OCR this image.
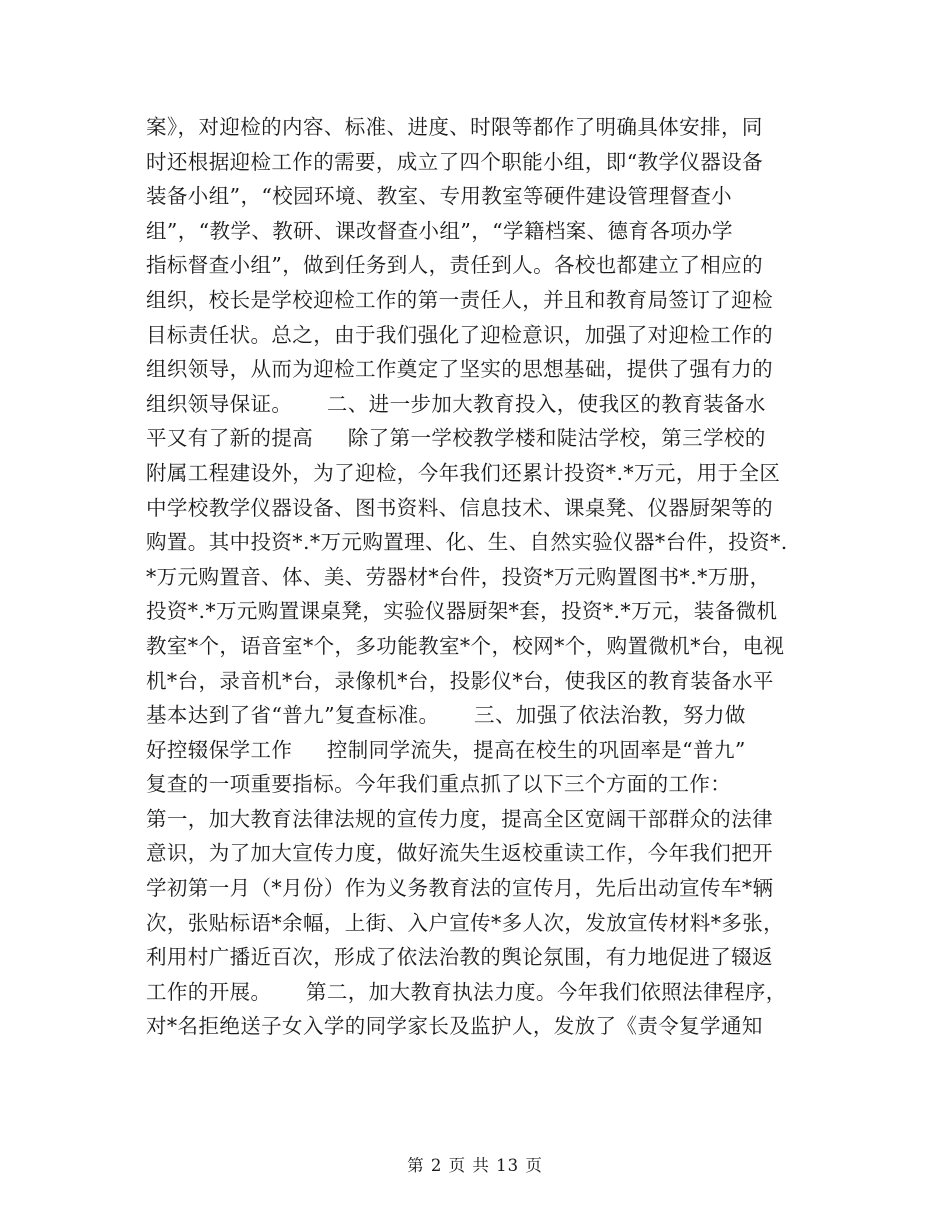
案》，对迎检的内容、标准、进度、时限等都作了明确具体安排，同
时还根据迎检工作的需要，成立了四个职能小组，即“教学仪器设备
装备小组”，“校园环境、教室、专用教室等硬件建设管理督查小
组”，“教学、教研、课改督查小组”，“学籍档案、德育各项办学
指标督查小组”，做到任务到人，责任到人。各校也都建立了相应的
组织，校长是学校迎检工作的第一责任人，并且和教育局签订了迎检
目标责任状。总之，由于我们强化了迎检意识，加强了对迎检工作的
组织领导，从而为迎检工作奠定了坚实的思想基础，提供了强有力的
组织领导保证。     二、进一步加大教育投入，使我区的教育装备水
平又有了新的提高     除了第一学校教学楼和陡沽学校，第三学校的
附属工程建设外，为了迎检，今年我们还累计投资*.*万元，用于全区
中学校教学仪器设备、图书资料、信息技术、课桌凳、仪器厨架等的
购置。其中投资*.*万元购置理、化、生、自然实验仪器*台件，投资*.
*万元购置音、体、美、劳器材*台件，投资*万元购置图书*.*万册，
投资*.*万元购置课桌凳，实验仪器厨架*套，投资*.*万元，装备微机
教室*个，语音室*个，多功能教室*个，校网*个，购置微机*台，电视
机*台，录音机*台，录像机*台，投影仪*台，使我区的教育装备水平
基本达到了省“普九”复查标准。     三、加强了依法治教，努力做
好控辍保学工作     控制同学流失，提高在校生的巩固率是“普九”
复查的一项重要指标。今年我们重点抓了以下三个方面的工作：
第一，加大教育法律法规的宣传力度，提高全区宽阔干部群众的法律
意识，为了加大宣传力度，做好流失生返校重读工作，今年我们把开
学初第一月（*月份）作为义务教育法的宣传月，先后出动宣传车*辆
次，张贴标语*余幅，上街、入户宣传*多人次，发放宣传材料*多张，
利用村广播近百次，形成了依法治教的舆论氛围，有力地促进了辍返
工作的开展。     第二，加大教育执法力度。今年我们依照法律程序，
对*名拒绝送子女入学的同学家长及监护人，发放了《责令复学通知
第 2 页 共 13 页
